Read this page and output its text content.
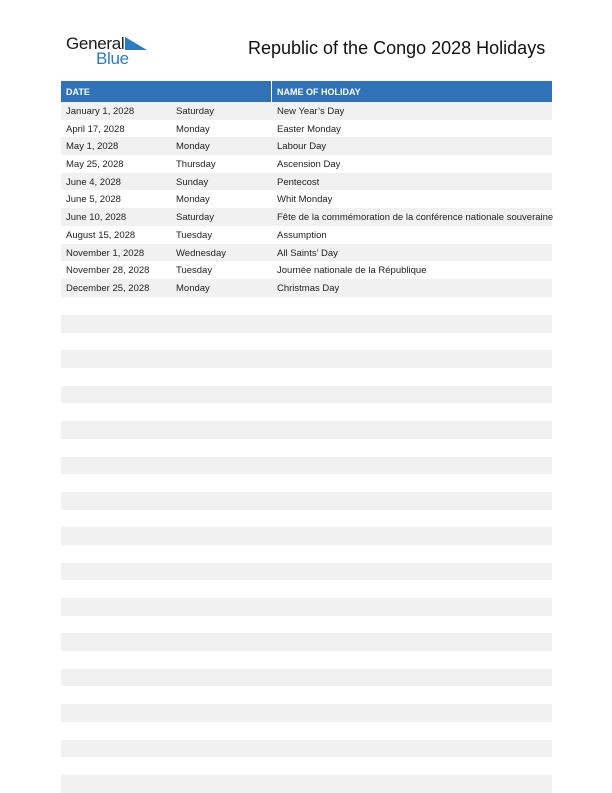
General
Blue
Republic of the Congo 2028 Holidays
DATE	NAME OF HOLIDAY
January 1, 2028	Saturday	New Year’s Day
April 17, 2028	Monday	Easter Monday
May 1, 2028	Monday	Labour Day
May 25, 2028	Thursday	Ascension Day
June 4, 2028	Sunday	Pentecost
June 5, 2028	Monday	Whit Monday
June 10, 2028	Saturday	Fête de la commémoration de la conférence nationale souveraine
August 15, 2028	Tuesday	Assumption
November 1, 2028	Wednesday	All Saints’ Day
November 28, 2028	Tuesday	Journée nationale de la République
December 25, 2028	Monday	Christmas Day
